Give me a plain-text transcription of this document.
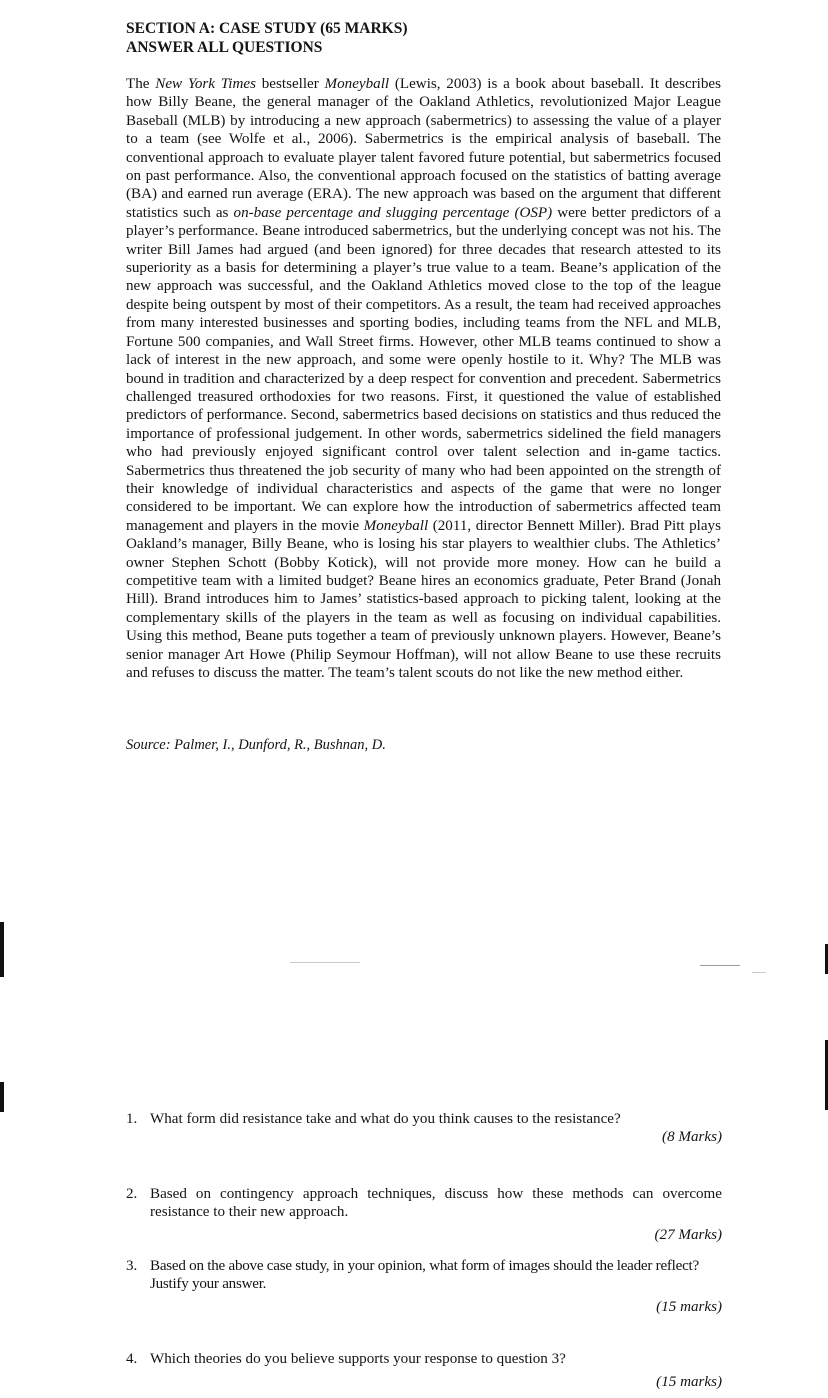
SECTION A: CASE STUDY (65 MARKS)
ANSWER ALL QUESTIONS

The New York Times bestseller Moneyball (Lewis, 2003) is a book about baseball. It describes how Billy Beane, the general manager of the Oakland Athletics, revolutionized Major League Baseball (MLB) by introducing a new approach (sabermetrics) to assessing the value of a player to a team (see Wolfe et al., 2006). Sabermetrics is the empirical analysis of baseball. The conventional approach to evaluate player talent favored future potential, but sabermetrics focused on past performance. Also, the conventional approach focused on the statistics of batting average (BA) and earned run average (ERA). The new approach was based on the argument that different statistics such as on-base percentage and slugging percentage (OSP) were better predictors of a player’s performance. Beane introduced sabermetrics, but the underlying concept was not his. The writer Bill James had argued (and been ignored) for three decades that research attested to its superiority as a basis for determining a player’s true value to a team. Beane’s application of the new approach was successful, and the Oakland Athletics moved close to the top of the league despite being outspent by most of their competitors. As a result, the team had received approaches from many interested businesses and sporting bodies, including teams from the NFL and MLB, Fortune 500 companies, and Wall Street firms. However, other MLB teams continued to show a lack of interest in the new approach, and some were openly hostile to it. Why? The MLB was bound in tradition and characterized by a deep respect for convention and precedent. Sabermetrics challenged treasured orthodoxies for two reasons. First, it questioned the value of established predictors of performance. Second, sabermetrics based decisions on statistics and thus reduced the importance of professional judgement. In other words, sabermetrics sidelined the field managers who had previously enjoyed significant control over talent selection and in-game tactics. Sabermetrics thus threatened the job security of many who had been appointed on the strength of their knowledge of individual characteristics and aspects of the game that were no longer considered to be important. We can explore how the introduction of sabermetrics affected team management and players in the movie Moneyball (2011, director Bennett Miller). Brad Pitt plays Oakland’s manager, Billy Beane, who is losing his star players to wealthier clubs. The Athletics’ owner Stephen Schott (Bobby Kotick), will not provide more money. How can he build a competitive team with a limited budget? Beane hires an economics graduate, Peter Brand (Jonah Hill). Brand introduces him to James’ statistics-based approach to picking talent, looking at the complementary skills of the players in the team as well as focusing on individual capabilities. Using this method, Beane puts together a team of previously unknown players. However, Beane’s senior manager Art Howe (Philip Seymour Hoffman), will not allow Beane to use these recruits and refuses to discuss the matter. The team’s talent scouts do not like the new method either.

Source: Palmer, I., Dunford, R., Bushnan, D.
1. What form did resistance take and what do you think causes to the resistance?
(8 Marks)
2. Based on contingency approach techniques, discuss how these methods can overcome resistance to their new approach.
(27 Marks)
3. Based on the above case study, in your opinion, what form of images should the leader reflect? Justify your answer.
(15 marks)
4. Which theories do you believe supports your response to question 3?
(15 marks)
